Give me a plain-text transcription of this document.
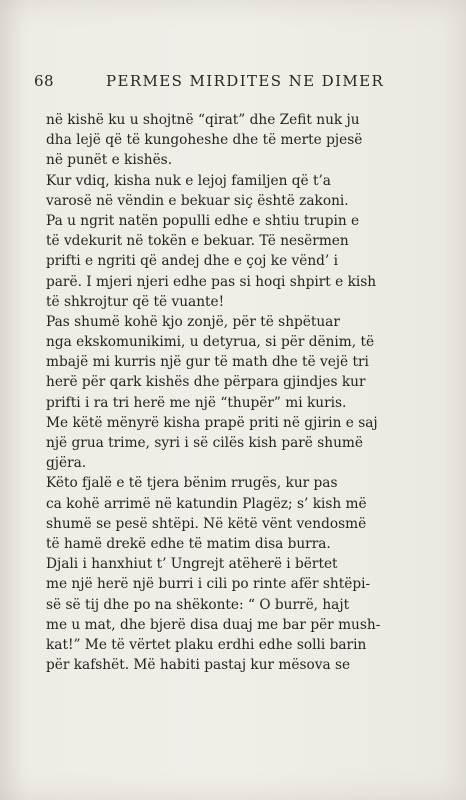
68	PERMES MIRDITES NE DIMER
në kishë ku u shojtnë “qirat” dhe Zefit nuk ju
dha lejë që të kungoheshe dhe të merte pjesë
në punët e kishës.
Kur vdiq, kisha nuk e lejoj familjen që t’a
varosë në vëndin e bekuar siç është zakoni.
Pa u ngrit natën populli edhe e shtiu trupin e
të vdekurit në tokën e bekuar. Të nesërmen
prifti e ngriti që andej dhe e çoj ke vënd’ i
parë. I mjeri njeri edhe pas si hoqi shpirt e kish
të shkrojtur që të vuante!
Pas shumë kohë kjo zonjë, për të shpëtuar
nga ekskomunikimi, u detyrua, si për dënim, të
mbajë mi kurris një gur të math dhe të vejë tri
herë për qark kishës dhe përpara gjindjes kur
prifti i ra tri herë me një “thupër” mi kuris.
Me këtë mënyrë kisha prapë priti në gjirin e saj
një grua trime, syri i së cilës kish parë shumë
gjëra.
Këto fjalë e të tjera bënim rrugës, kur pas
ca kohë arrimë në katundin Plagëz; s’ kish më
shumë se pesë shtëpi. Në këtë vënt vendosmë
të hamë drekë edhe të matim disa burra.
Djali i hanxhiut t’ Ungrejt atëherë i bërtet
me një herë një burri i cili po rinte afër shtëpi-
së së tij dhe po na shëkonte: “ O burrë, hajt
me u mat, dhe bjerë disa duaj me bar për mush-
kat!” Me të vërtet plaku erdhi edhe solli barin
për kafshët. Më habiti pastaj kur mësova se
